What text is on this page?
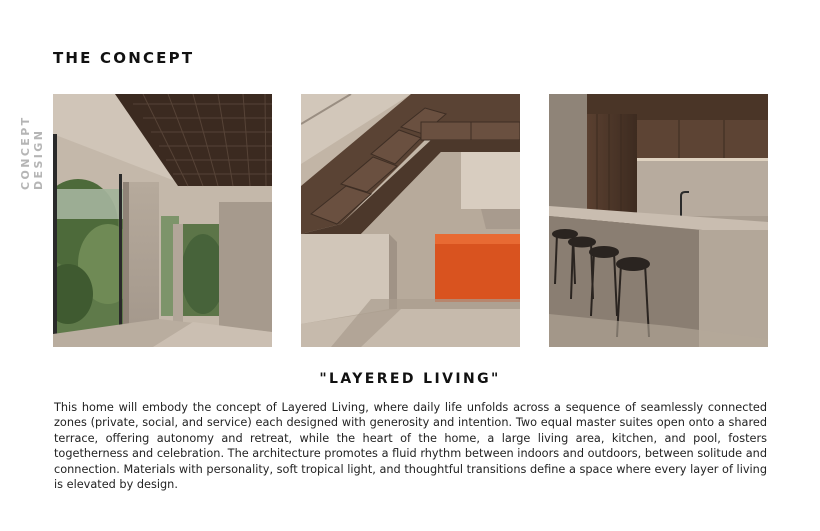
CONCEPT DESIGN
THE CONCEPT
"LAYERED LIVING"

This home will embody the concept of Layered Living, where daily life unfolds across a sequence of seamlessly connected zones (private, social, and service) each designed with generosity and intention. Two equal master suites open onto a shared terrace, offering autonomy and retreat, while the heart of the home, a large living area, kitchen, and pool, fosters togetherness and celebration. The architecture promotes a fluid rhythm between indoors and outdoors, between solitude and connection. Materials with personality, soft tropical light, and thoughtful transitions define a space where every layer of living is elevated by design.
